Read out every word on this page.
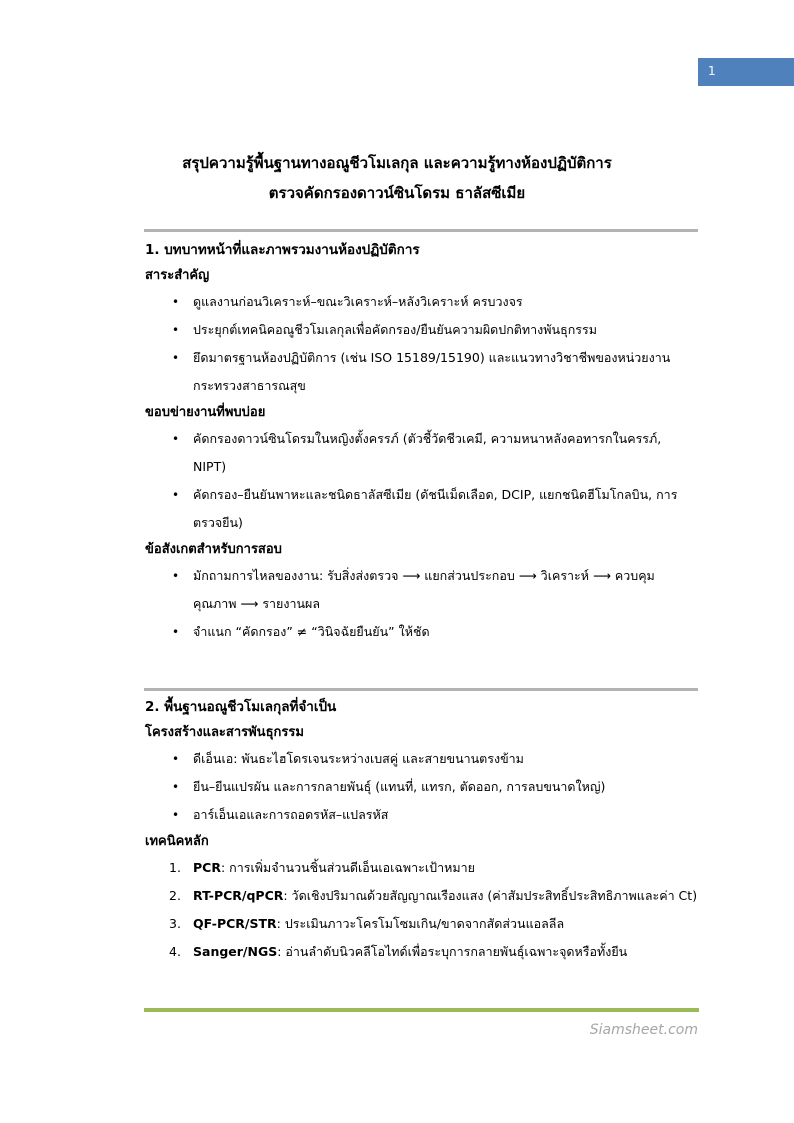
1
สรุปความรู้พื้นฐานทางอณูชีวโมเลกุล และความรู้ทางห้องปฏิบัติการ
ตรวจคัดกรองดาวน์ซินโดรม ธาลัสซีเมีย

1. บทบาทหน้าที่และภาพรวมงานห้องปฏิบัติการ

สาระสำคัญ

• ดูแลงานก่อนวิเคราะห์–ขณะวิเคราะห์–หลังวิเคราะห์ ครบวงจร
• ประยุกต์เทคนิคอณูชีวโมเลกุลเพื่อคัดกรอง/ยืนยันความผิดปกติทางพันธุกรรม
• ยึดมาตรฐานห้องปฏิบัติการ (เช่น ISO 15189/15190) และแนวทางวิชาชีพของหน่วยงานกระทรวงสาธารณสุข

ขอบข่ายงานที่พบบ่อย

• คัดกรองดาวน์ซินโดรมในหญิงตั้งครรภ์ (ตัวชี้วัดชีวเคมี, ความหนาหลังคอทารกในครรภ์, NIPT)
• คัดกรอง–ยืนยันพาหะและชนิดธาลัสซีเมีย (ดัชนีเม็ดเลือด, DCIP, แยกชนิดฮีโมโกลบิน, การตรวจยีน)

ข้อสังเกตสำหรับการสอบ

• มักถามการไหลของงาน: รับสิ่งส่งตรวจ ⟶ แยกส่วนประกอบ ⟶ วิเคราะห์ ⟶ ควบคุมคุณภาพ ⟶ รายงานผล
• จำแนก “คัดกรอง” ≠ “วินิจฉัยยืนยัน” ให้ชัด

2. พื้นฐานอณูชีวโมเลกุลที่จำเป็น

โครงสร้างและสารพันธุกรรม

• ดีเอ็นเอ: พันธะไฮโดรเจนระหว่างเบสคู่ และสายขนานตรงข้าม
• ยีน–ยีนแปรผัน และการกลายพันธุ์ (แทนที่, แทรก, ตัดออก, การลบขนาดใหญ่)
• อาร์เอ็นเอและการถอดรหัส–แปลรหัส

เทคนิคหลัก

1. PCR: การเพิ่มจำนวนชิ้นส่วนดีเอ็นเอเฉพาะเป้าหมาย
2. RT-PCR/qPCR: วัดเชิงปริมาณด้วยสัญญาณเรืองแสง (ค่าสัมประสิทธิ์ประสิทธิภาพและค่า Ct)
3. QF-PCR/STR: ประเมินภาวะโครโมโซมเกิน/ขาดจากสัดส่วนแอลลีล
4. Sanger/NGS: อ่านลำดับนิวคลีโอไทด์เพื่อระบุการกลายพันธุ์เฉพาะจุดหรือทั้งยีน
Siamsheet.com
